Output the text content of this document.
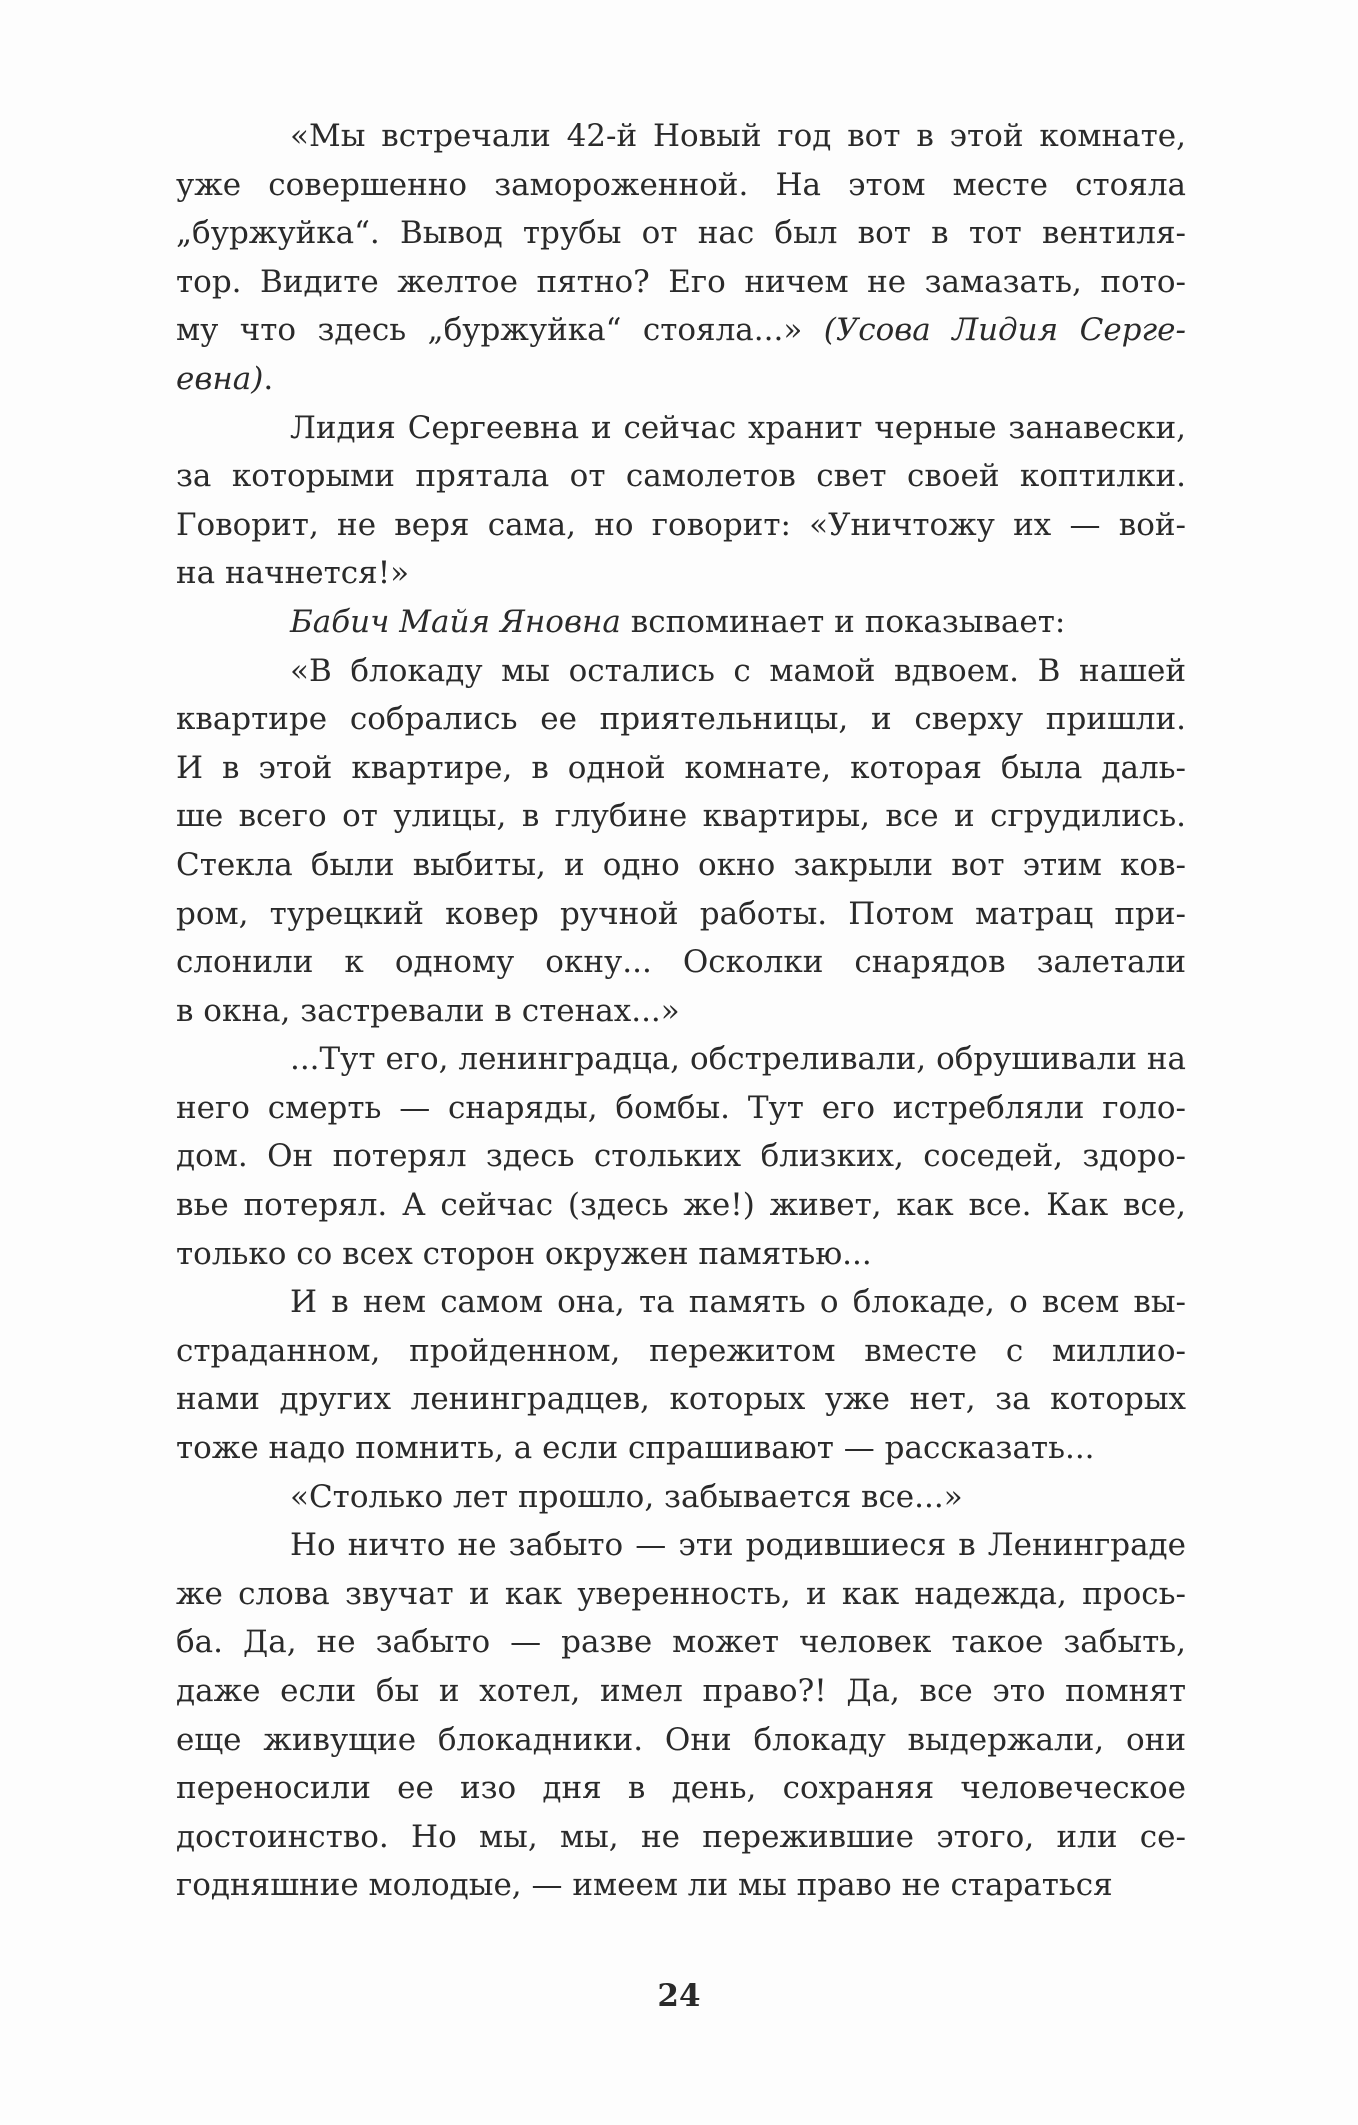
«Мы встречали 42-й Новый год вот в этой комнате,
уже совершенно замороженной. На этом месте стояла
„буржуйка“. Вывод трубы от нас был вот в тот вентиля-
тор. Видите желтое пятно? Его ничем не замазать, пото-
му что здесь „буржуйка“ стояла...» (Усова Лидия Серге-
евна).

Лидия Сергеевна и сейчас хранит черные занавески,
за которыми прятала от самолетов свет своей коптилки.
Говорит, не веря сама, но говорит: «Уничтожу их — вой-
на начнется!»

Бабич Майя Яновна вспоминает и показывает:

«В блокаду мы остались с мамой вдвоем. В нашей
квартире собрались ее приятельницы, и сверху пришли.
И в этой квартире, в одной комнате, которая была даль-
ше всего от улицы, в глубине квартиры, все и сгрудились.
Стекла были выбиты, и одно окно закрыли вот этим ков-
ром, турецкий ковер ручной работы. Потом матрац при-
слонили к одному окну... Осколки снарядов залетали
в окна, застревали в стенах...»

...Тут его, ленинградца, обстреливали, обрушивали на
него смерть — снаряды, бомбы. Тут его истребляли голо-
дом. Он потерял здесь стольких близких, соседей, здоро-
вье потерял. А сейчас (здесь же!) живет, как все. Как все,
только со всех сторон окружен памятью...

И в нем самом она, та память о блокаде, о всем вы-
страданном, пройденном, пережитом вместе с миллио-
нами других ленинградцев, которых уже нет, за которых
тоже надо помнить, а если спрашивают — рассказать...

«Столько лет прошло, забывается все...»

Но ничто не забыто — эти родившиеся в Ленинграде
же слова звучат и как уверенность, и как надежда, прось-
ба. Да, не забыто — разве может человек такое забыть,
даже если бы и хотел, имел право?! Да, все это помнят
еще живущие блокадники. Они блокаду выдержали, они
переносили ее изо дня в день, сохраняя человеческое
достоинство. Но мы, мы, не пережившие этого, или се-
годняшние молодые, — имеем ли мы право не стараться

24
